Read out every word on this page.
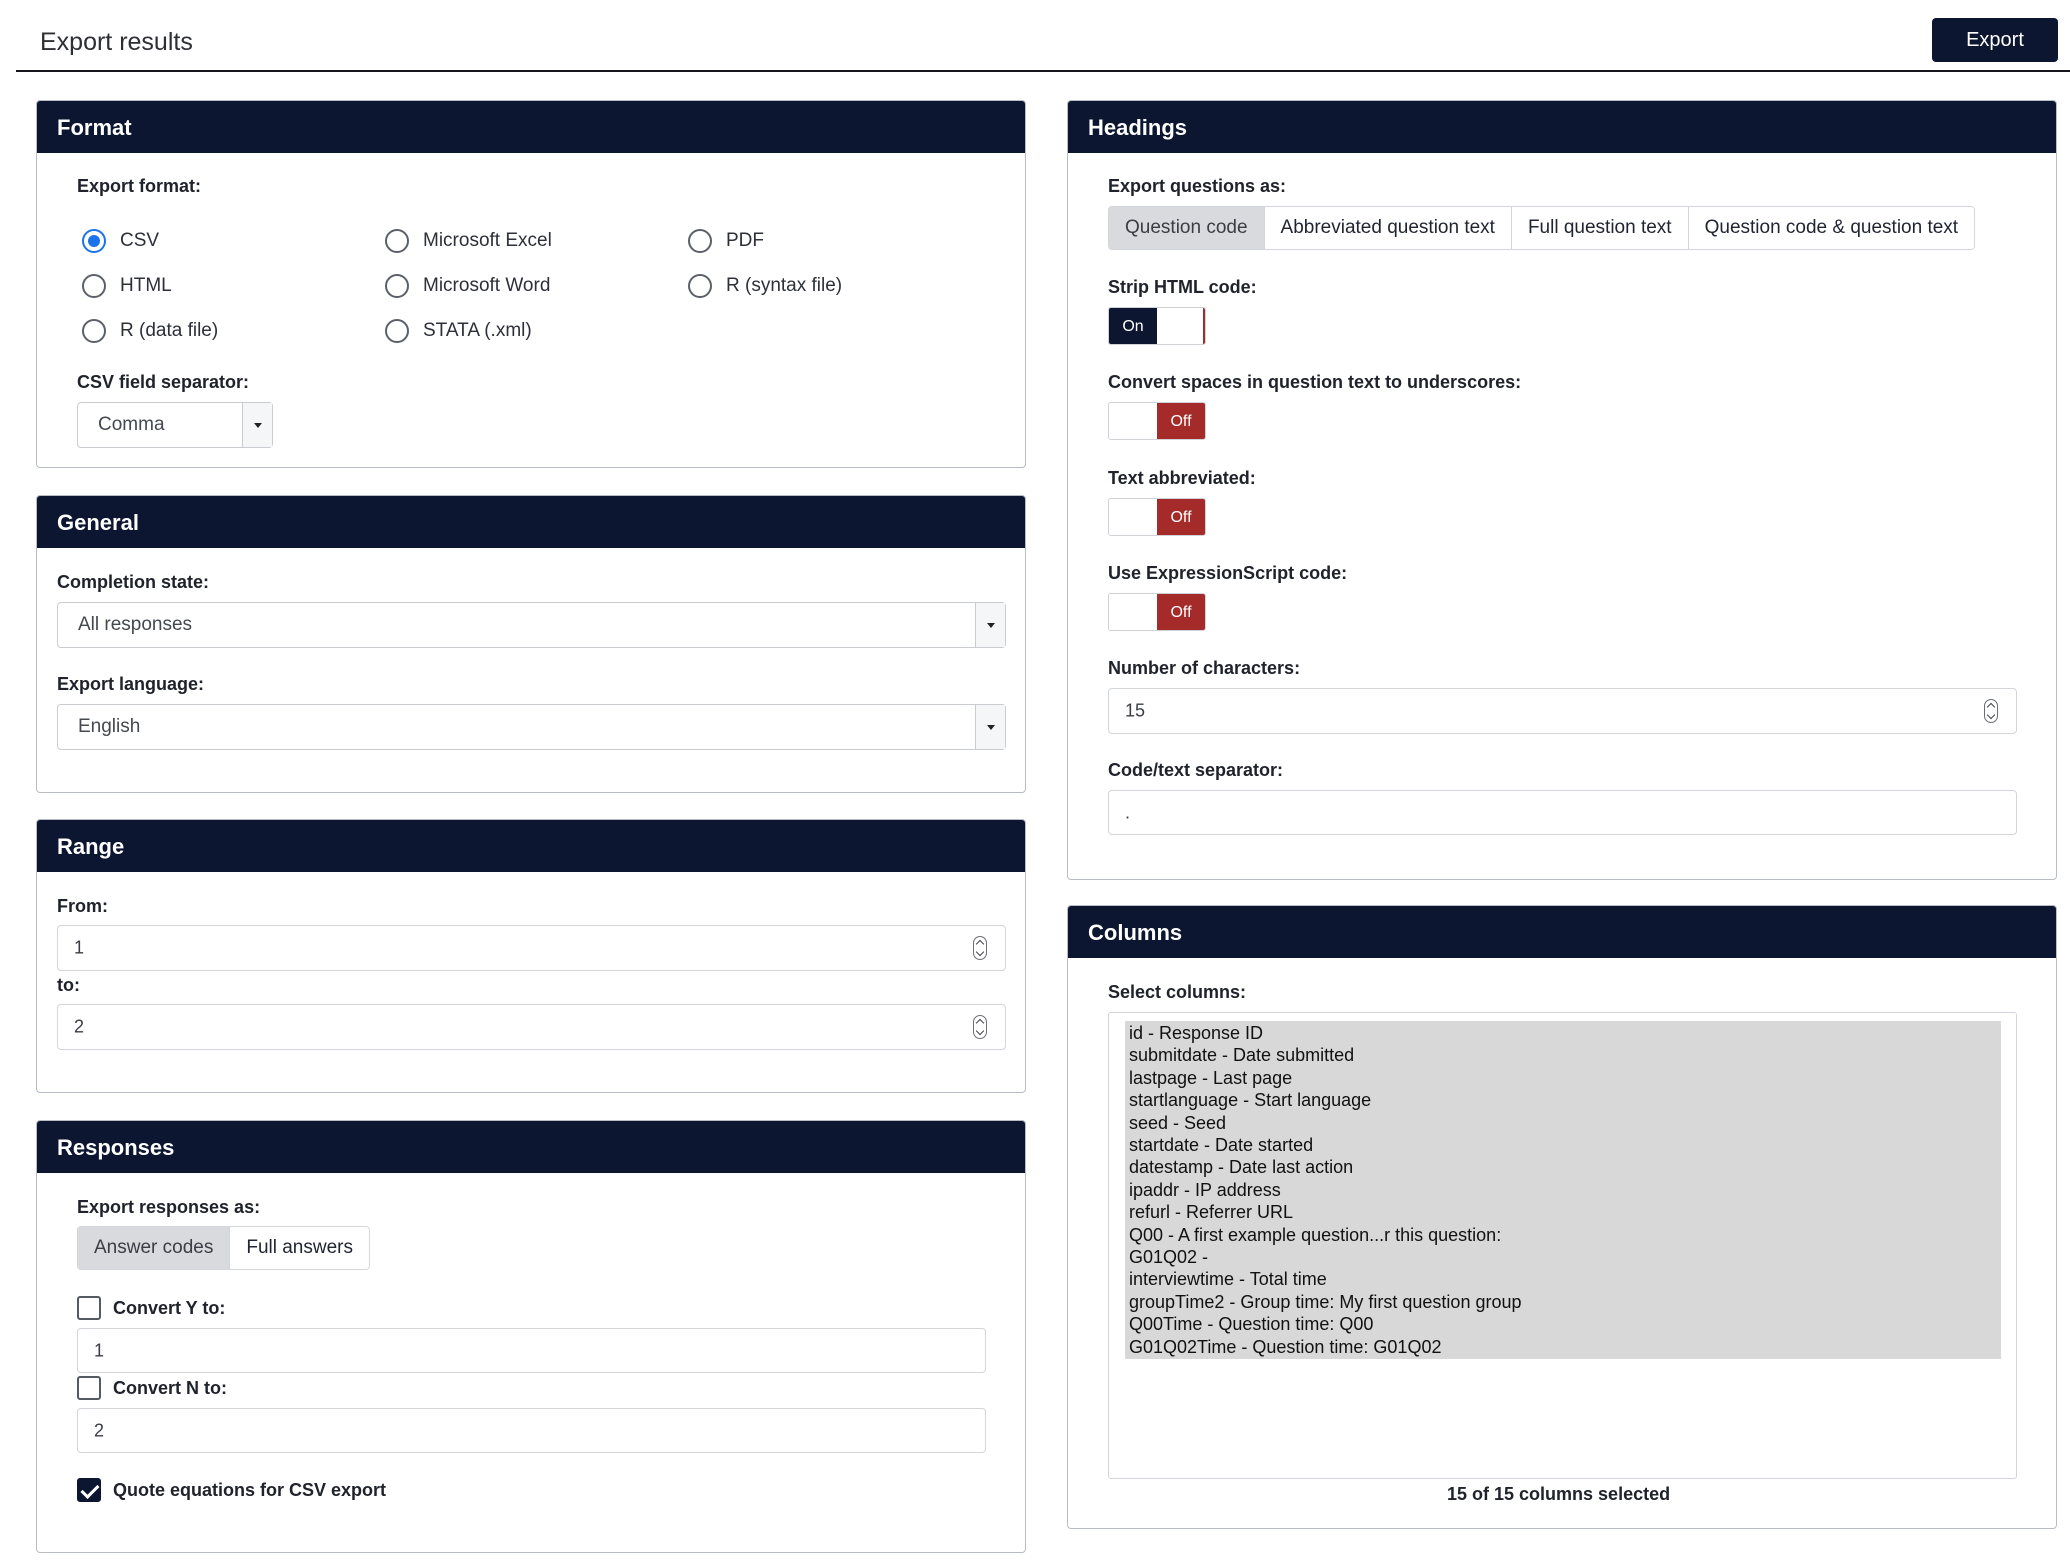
Export results	Export
Format
Export format:
CSV	Microsoft Excel	PDF
HTML	Microsoft Word	R (syntax file)
R (data file)	STATA (.xml)
CSV field separator:
Comma
General
Completion state:
All responses
Export language:
English
Range
From:
1
to:
2
Responses
Export responses as:
Answer codes	Full answers
Convert Y to:
1
Convert N to:
2
Quote equations for CSV export
Headings
Export questions as:
Question code	Abbreviated question text	Full question text	Question code & question text
Strip HTML code:
On
Convert spaces in question text to underscores:
Off
Text abbreviated:
Off
Use ExpressionScript code:
Off
Number of characters:
15
Code/text separator:
.
Columns
Select columns:
id - Response ID
submitdate - Date submitted
lastpage - Last page
startlanguage - Start language
seed - Seed
startdate - Date started
datestamp - Date last action
ipaddr - IP address
refurl - Referrer URL
Q00 - A first example question...r this question:
G01Q02 -
interviewtime - Total time
groupTime2 - Group time: My first question group
Q00Time - Question time: Q00
G01Q02Time - Question time: G01Q02
15 of 15 columns selected
